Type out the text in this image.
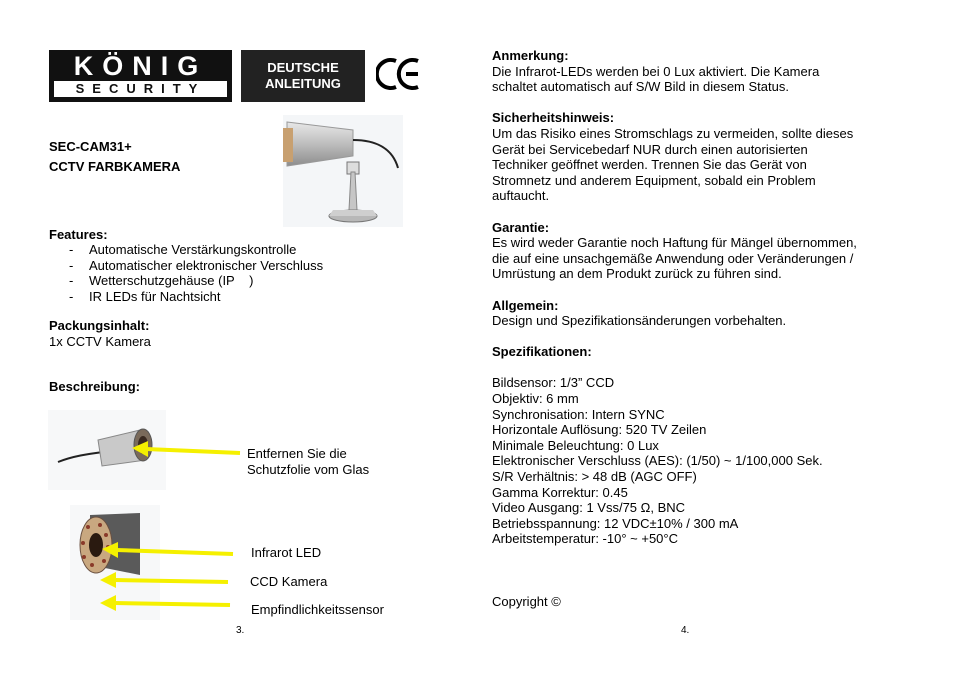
KÖNIG
SECURITY
DEUTSCHE
ANLEITUNG
SEC-CAM31+
CCTV FARBKAMERA
Features:
- Automatische Verstärkungskontrolle
- Automatischer elektronischer Verschluss
- Wetterschutzgehäuse (IP    )
- IR LEDs für Nachtsicht
Packungsinhalt:
1x CCTV Kamera
Beschreibung:
Entfernen Sie die
Schutzfolie vom Glas
Infrarot LED
CCD Kamera
Empfindlichkeitssensor
3.
Anmerkung:
Die Infrarot-LEDs werden bei 0 Lux aktiviert. Die Kamera
schaltet automatisch auf S/W Bild in diesem Status.
Sicherheitshinweis:
Um das Risiko eines Stromschlags zu vermeiden, sollte dieses
Gerät bei Servicebedarf NUR durch einen autorisierten
Techniker geöffnet werden. Trennen Sie das Gerät von
Stromnetz und anderem Equipment, sobald ein Problem
auftaucht.
Garantie:
Es wird weder Garantie noch Haftung für Mängel übernommen,
die auf eine unsachgemäße Anwendung oder Veränderungen /
Umrüstung an dem Produkt zurück zu führen sind.
Allgemein:
Design und Spezifikationsänderungen vorbehalten.
Spezifikationen:
Bildsensor: 1/3” CCD
Objektiv: 6 mm
Synchronisation: Intern SYNC
Horizontale Auflösung: 520 TV Zeilen
Minimale Beleuchtung: 0 Lux
Elektronischer Verschluss (AES): (1/50) ~ 1/100,000 Sek.
S/R Verhältnis: > 48 dB (AGC OFF)
Gamma Korrektur: 0.45
Video Ausgang: 1 Vss/75 Ω, BNC
Betriebsspannung: 12 VDC±10% / 300 mA
Arbeitstemperatur: -10° ~ +50°C
Copyright ©
4.
